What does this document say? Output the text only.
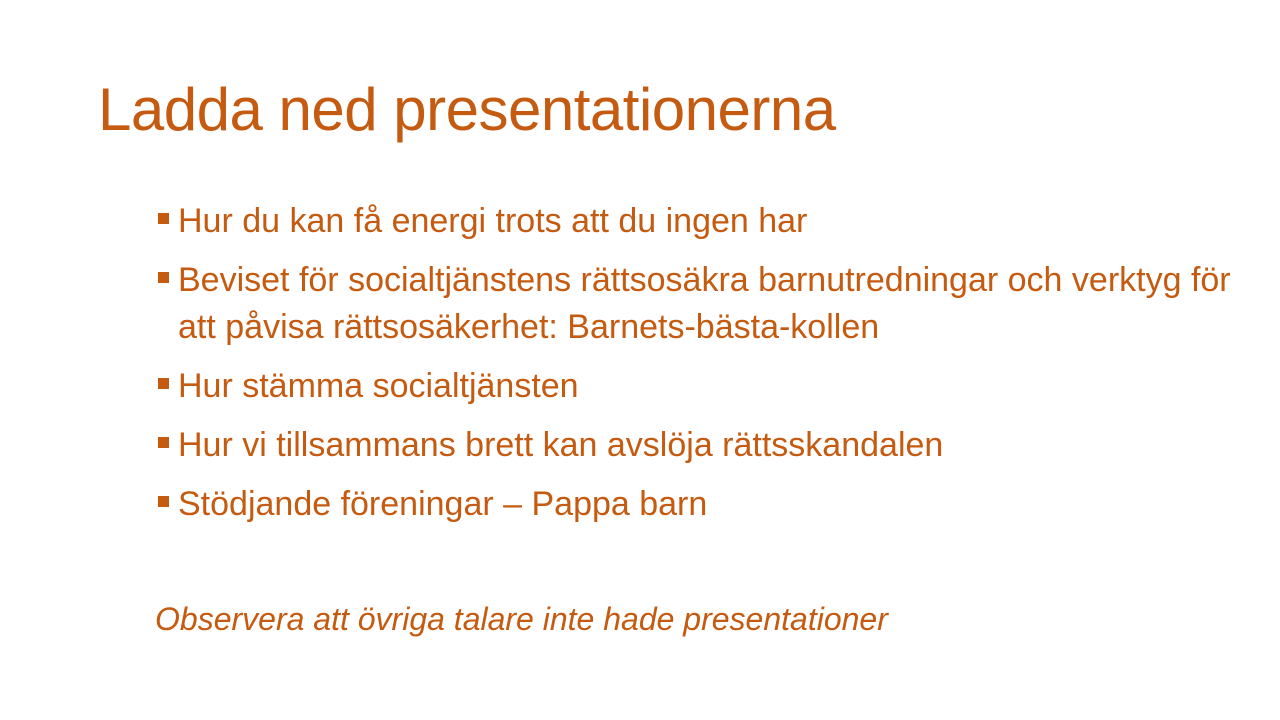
Ladda ned presentationerna
Hur du kan få energi trots att du ingen har
Beviset för socialtjänstens rättsosäkra barnutredningar och verktyg för att påvisa rättsosäkerhet: Barnets-bästa-kollen
Hur stämma socialtjänsten
Hur vi tillsammans brett kan avslöja rättsskandalen
Stödjande föreningar – Pappa barn

Observera att övriga talare inte hade presentationer
